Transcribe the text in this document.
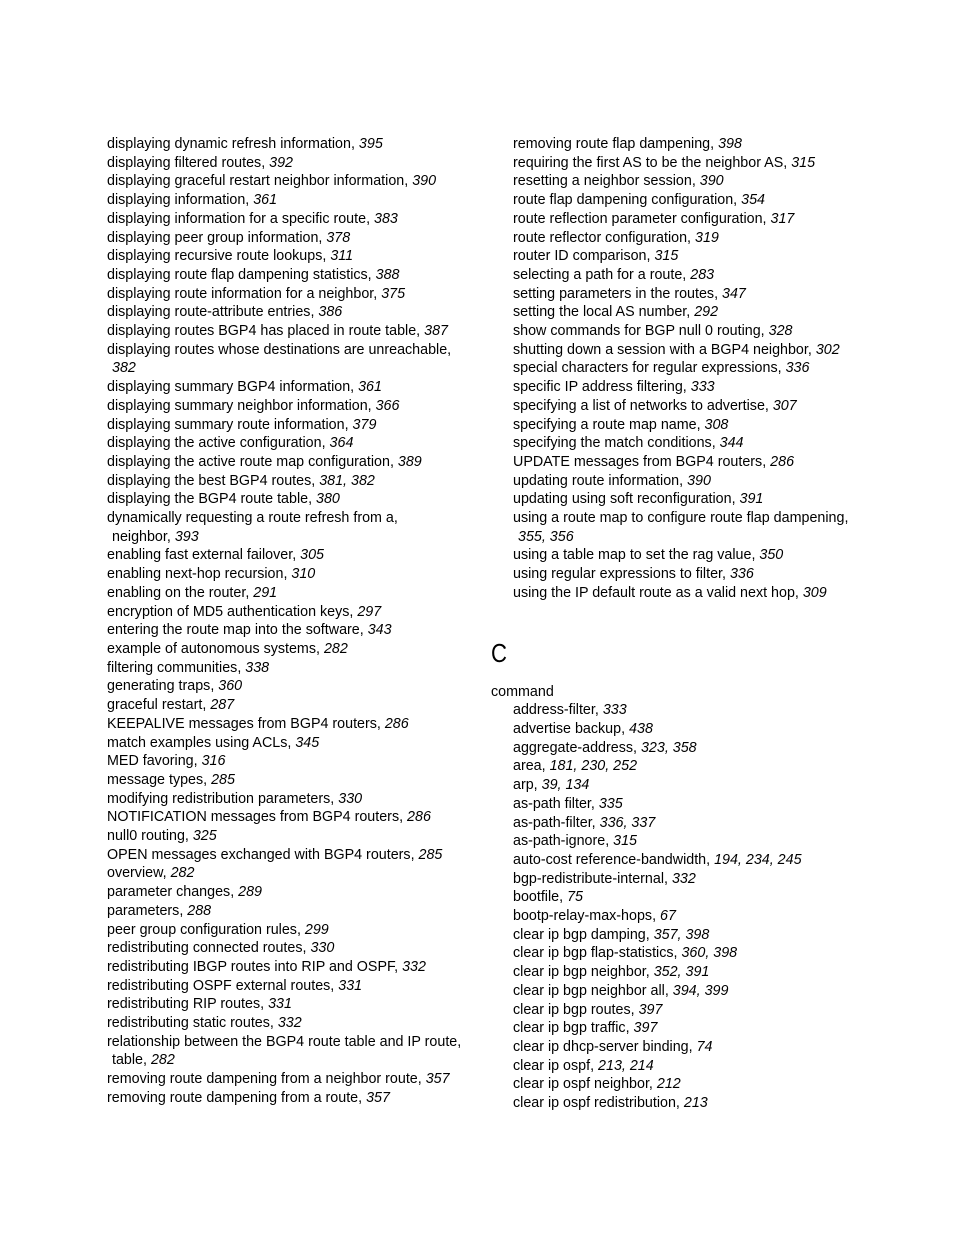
displaying dynamic refresh information, 395
displaying filtered routes, 392
displaying graceful restart neighbor information, 390
displaying information, 361
displaying information for a specific route, 383
displaying peer group information, 378
displaying recursive route lookups, 311
displaying route flap dampening statistics, 388
displaying route information for a neighbor, 375
displaying route-attribute entries, 386
displaying routes BGP4 has placed in route table, 387
displaying routes whose destinations are unreachable,
382
displaying summary BGP4 information, 361
displaying summary neighbor information, 366
displaying summary route information, 379
displaying the active configuration, 364
displaying the active route map configuration, 389
displaying the best BGP4 routes, 381, 382
displaying the BGP4 route table, 380
dynamically requesting a route refresh from a,
neighbor, 393
enabling fast external failover, 305
enabling next-hop recursion, 310
enabling on the router, 291
encryption of MD5 authentication keys, 297
entering the route map into the software, 343
example of autonomous systems, 282
filtering communities, 338
generating traps, 360
graceful restart, 287
KEEPALIVE messages from BGP4 routers, 286
match examples using ACLs, 345
MED favoring, 316
message types, 285
modifying redistribution parameters, 330
NOTIFICATION messages from BGP4 routers, 286
null0 routing, 325
OPEN messages exchanged with BGP4 routers, 285
overview, 282
parameter changes, 289
parameters, 288
peer group configuration rules, 299
redistributing connected routes, 330
redistributing IBGP routes into RIP and OSPF, 332
redistributing OSPF external routes, 331
redistributing RIP routes, 331
redistributing static routes, 332
relationship between the BGP4 route table and IP route,
table, 282
removing route dampening from a neighbor route, 357
removing route dampening from a route, 357
removing route flap dampening, 398
requiring the first AS to be the neighbor AS, 315
resetting a neighbor session, 390
route flap dampening configuration, 354
route reflection parameter configuration, 317
route reflector configuration, 319
router ID comparison, 315
selecting a path for a route, 283
setting parameters in the routes, 347
setting the local AS number, 292
show commands for BGP null 0 routing, 328
shutting down a session with a BGP4 neighbor, 302
special characters for regular expressions, 336
specific IP address filtering, 333
specifying a list of networks to advertise, 307
specifying a route map name, 308
specifying the match conditions, 344
UPDATE messages from BGP4 routers, 286
updating route information, 390
updating using soft reconfiguration, 391
using a route map to configure route flap dampening,
355, 356
using a table map to set the rag value, 350
using regular expressions to filter, 336
using the IP default route as a valid next hop, 309
C
command
address-filter, 333
advertise backup, 438
aggregate-address, 323, 358
area, 181, 230, 252
arp, 39, 134
as-path filter, 335
as-path-filter, 336, 337
as-path-ignore, 315
auto-cost reference-bandwidth, 194, 234, 245
bgp-redistribute-internal, 332
bootfile, 75
bootp-relay-max-hops, 67
clear ip bgp damping, 357, 398
clear ip bgp flap-statistics, 360, 398
clear ip bgp neighbor, 352, 391
clear ip bgp neighbor all, 394, 399
clear ip bgp routes, 397
clear ip bgp traffic, 397
clear ip dhcp-server binding, 74
clear ip ospf, 213, 214
clear ip ospf neighbor, 212
clear ip ospf redistribution, 213
